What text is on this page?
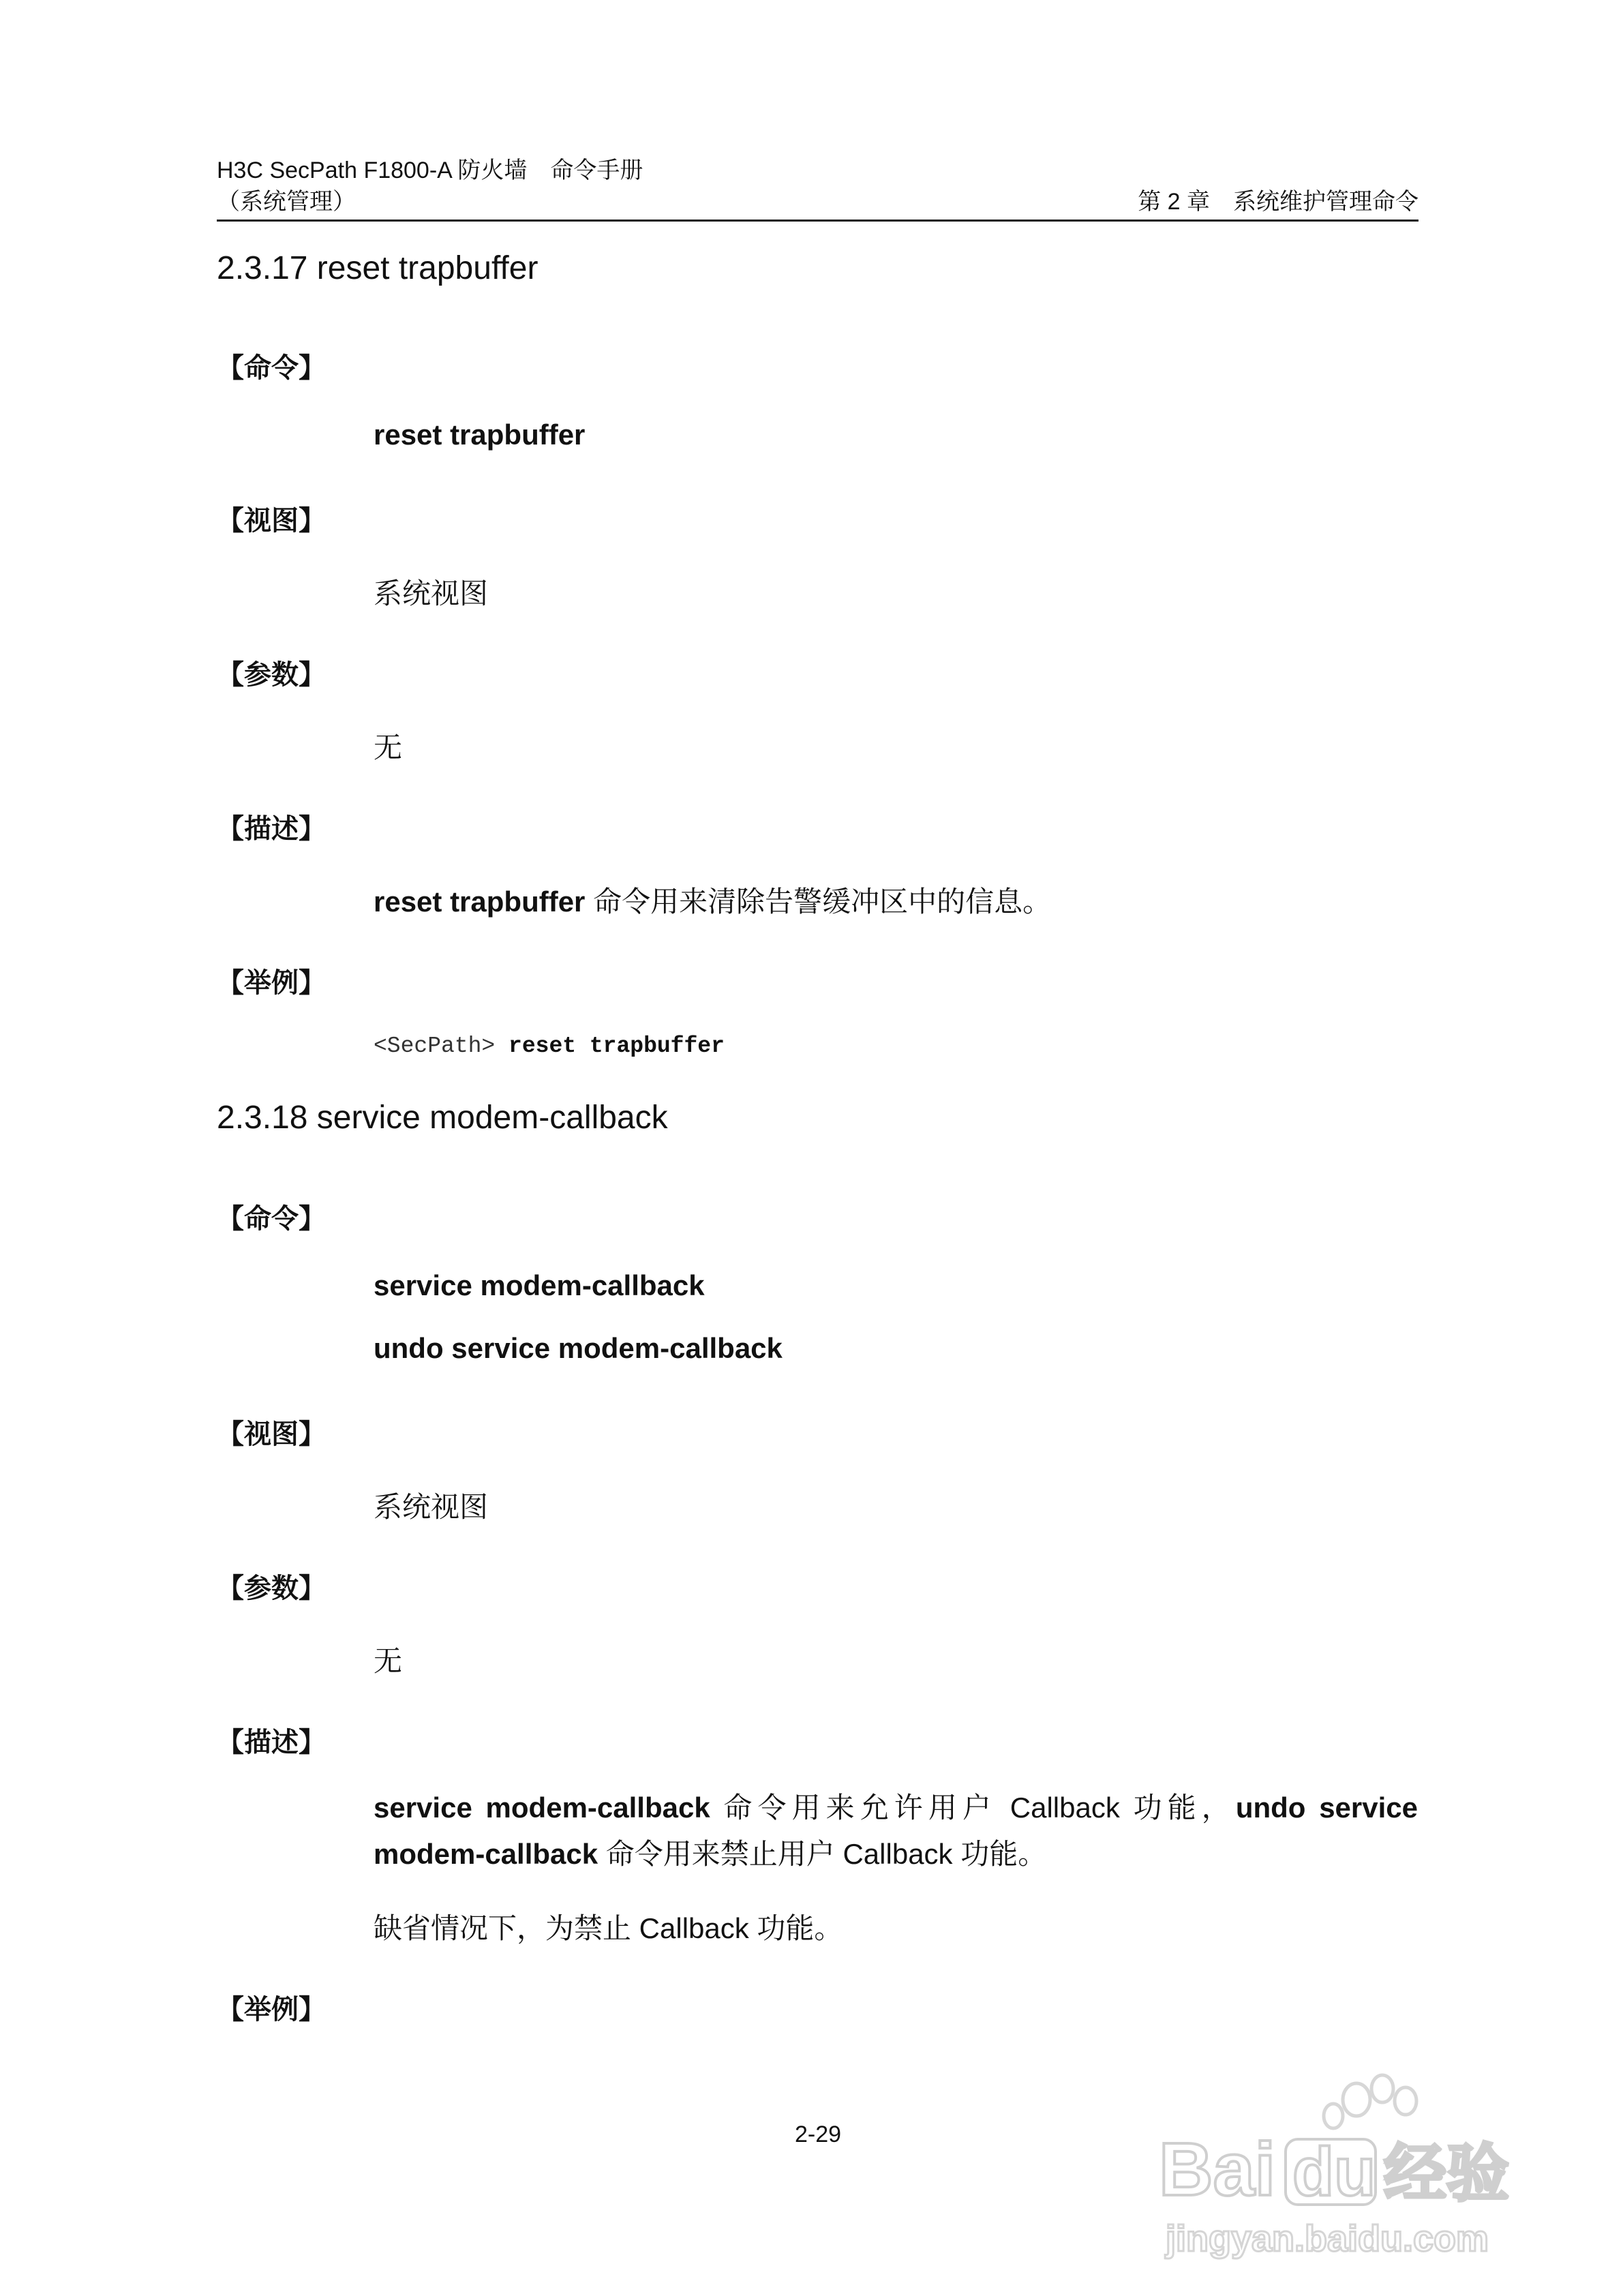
H3C SecPath F1800-A 防火墙　命令手册
（系统管理）	第 2 章　系统维护管理命令
2.3.17 reset trapbuffer
【命令】
reset trapbuffer
【视图】
系统视图
【参数】
无
【描述】
reset trapbuffer 命令用来清除告警缓冲区中的信息。
【举例】
<SecPath> reset trapbuffer
2.3.18 service modem-callback
【命令】
service modem-callback
undo service modem-callback
【视图】
系统视图
【参数】
无
【描述】
service modem-callback 命令用来允许用户 Callback 功能，undo service modem-callback 命令用来禁止用户 Callback 功能。
缺省情况下，为禁止 Callback 功能。
【举例】
2-29	Bai du 经验
jingyan.baidu.com
